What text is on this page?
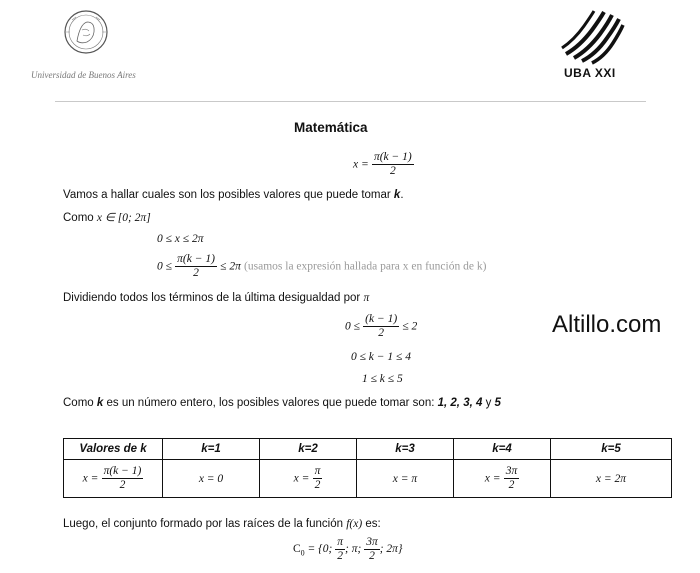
Universidad de Buenos Aires	UBA XXI
Matemática
$x = \frac{\pi(k - 1)}{2}$
Vamos a hallar cuales son los posibles valores que puede tomar k.
Como x ∈ [0; 2π]
0 ≤ x ≤ 2π
$0 \le \frac{\pi(k - 1)}{2} \le 2\pi$ (usamos la expresión hallada para x en función de k)
Dividiendo todos los términos de la última desigualdad por π
$0 \le \frac{(k - 1)}{2} \le 2$
0 ≤ k − 1 ≤ 4
1 ≤ k ≤ 5
Altillo.com
Como k es un número entero, los posibles valores que puede tomar son: 1, 2, 3, 4 y 5
Valores de k	k=1	k=2	k=3	k=4	k=5
$x = \frac{\pi(k - 1)}{2}$	x = 0	$x = \frac{\pi}{2}$	x = π	$x = \frac{3\pi}{2}$	x = 2π
Luego, el conjunto formado por las raíces de la función f(x) es:
$C_0 = \{0$; $\frac{\pi}{2}$ ; π; $\frac{3\pi}{2}$ ; 2π}
